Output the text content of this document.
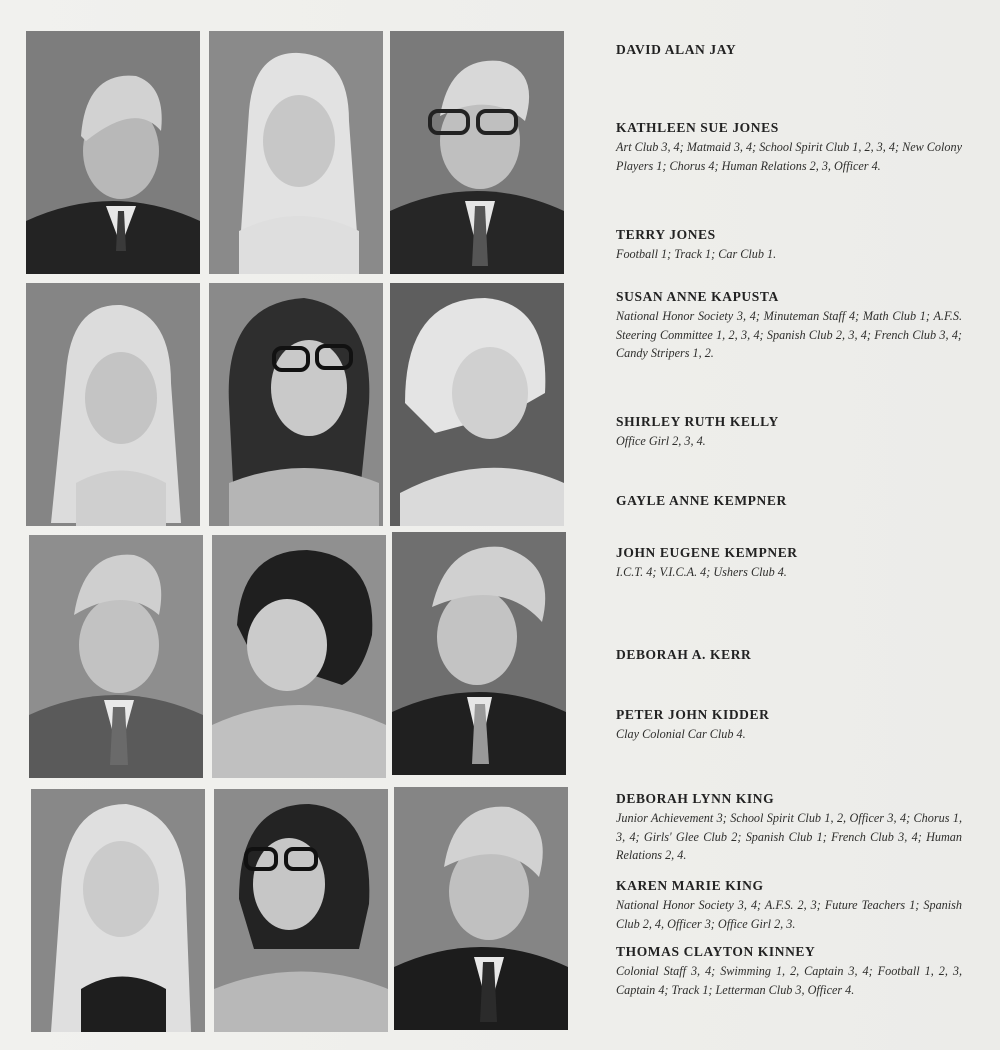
DAVID ALAN JAY
KATHLEEN SUE JONES
Art Club 3, 4; Matmaid 3, 4; School Spirit Club 1, 2, 3, 4; New Colony Players 1; Chorus 4; Human Relations 2, 3, Officer 4.
TERRY JONES
Football 1; Track 1; Car Club 1.
SUSAN ANNE KAPUSTA
National Honor Society 3, 4; Minuteman Staff 4; Math Club 1; A.F.S. Steering Committee 1, 2, 3, 4; Spanish Club 2, 3, 4; French Club 3, 4; Candy Stripers 1, 2.
SHIRLEY RUTH KELLY
Office Girl 2, 3, 4.
GAYLE ANNE KEMPNER
JOHN EUGENE KEMPNER
I.C.T. 4; V.I.C.A. 4; Ushers Club 4.
DEBORAH A. KERR
PETER JOHN KIDDER
Clay Colonial Car Club 4.
DEBORAH LYNN KING
Junior Achievement 3; School Spirit Club 1, 2, Officer 3, 4; Chorus 1, 3, 4; Girls' Glee Club 2; Spanish Club 1; French Club 3, 4; Human Relations 2, 4.
KAREN MARIE KING
National Honor Society 3, 4; A.F.S. 2, 3; Future Teachers 1; Spanish Club 2, 4, Officer 3; Office Girl 2, 3.
THOMAS CLAYTON KINNEY
Colonial Staff 3, 4; Swimming 1, 2, Captain 3, 4; Football 1, 2, 3, Captain 4; Track 1; Letterman Club 3, Officer 4.
